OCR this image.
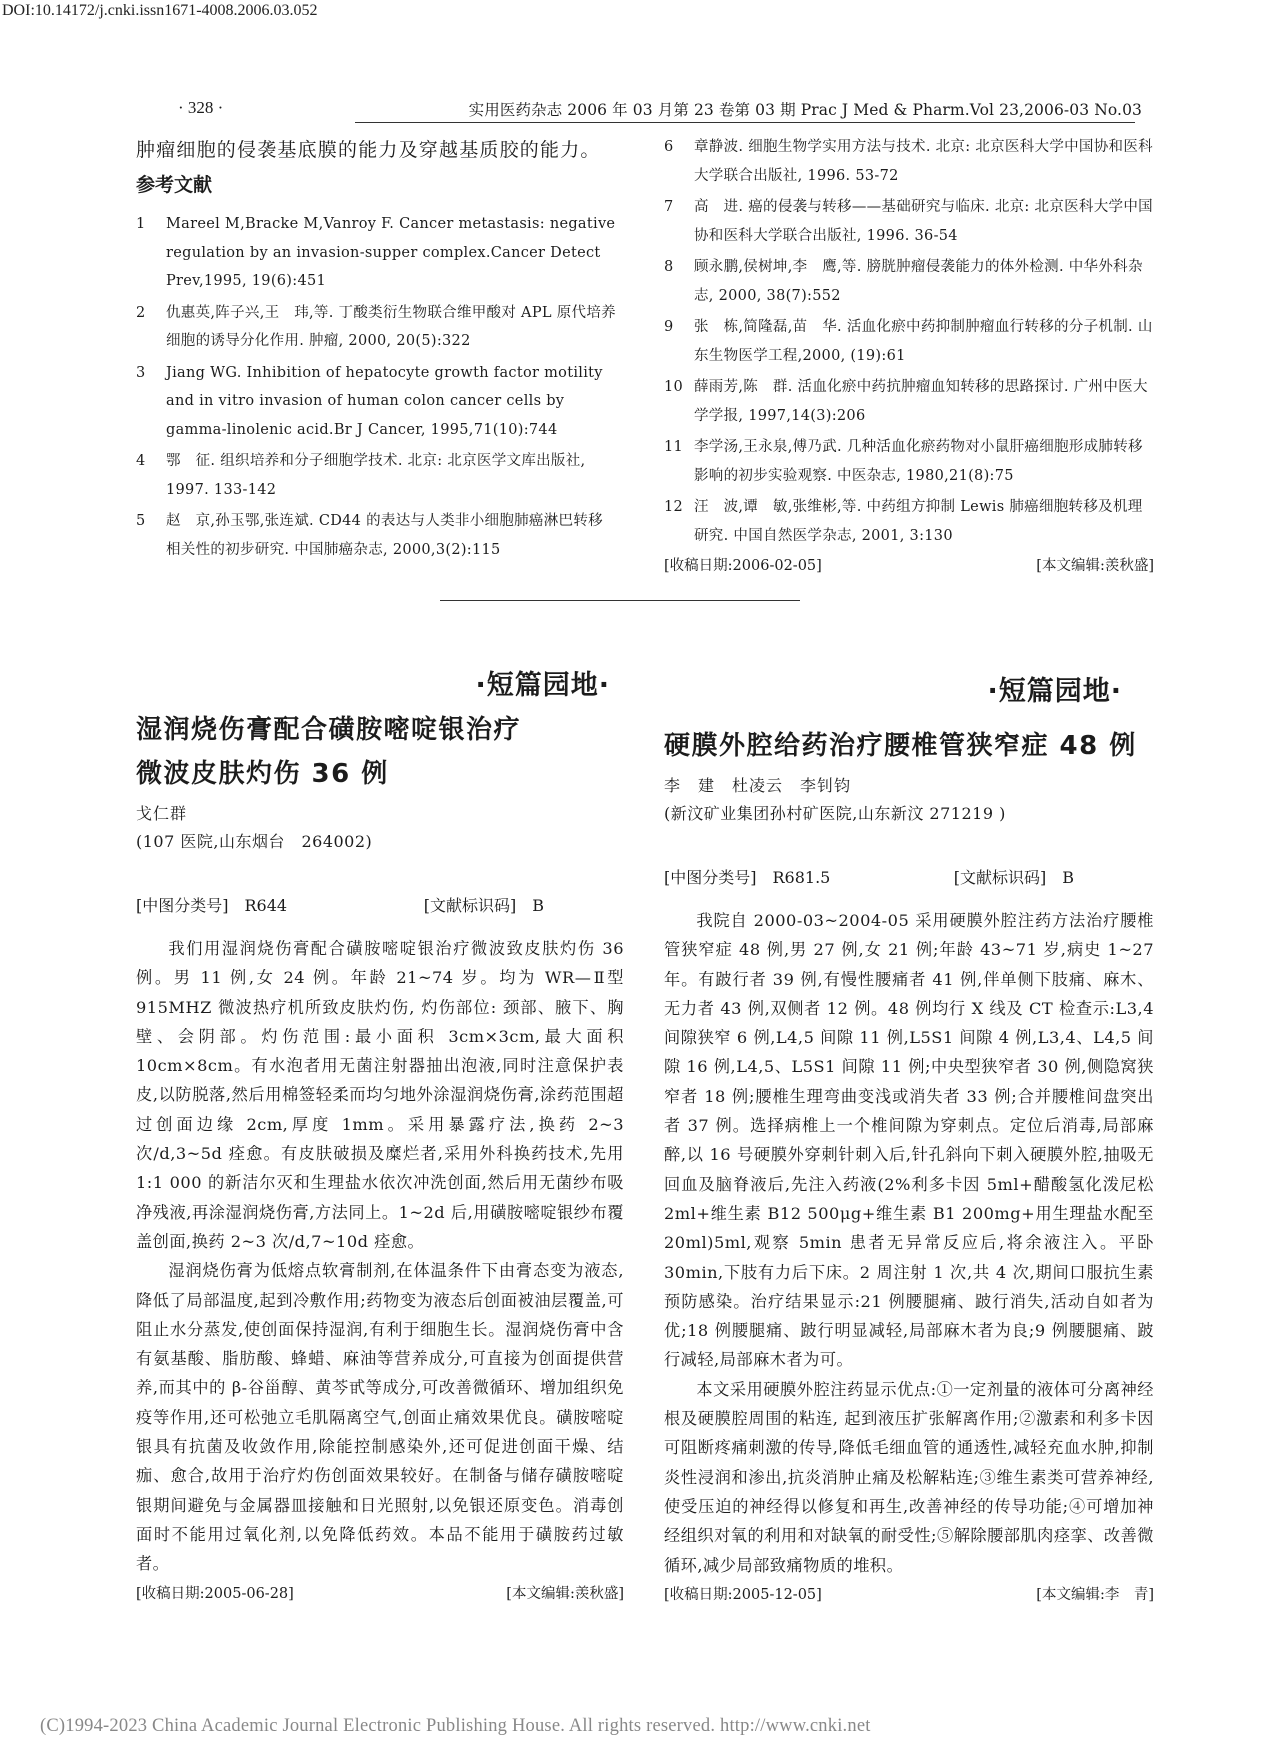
DOI:10.14172/j.cnki.issn1671-4008.2006.03.052
· 328 ·	实用医药杂志 2006 年 03 月第 23 卷第 03 期 Prac J Med & Pharm.Vol 23,2006-03 No.03

肿瘤细胞的侵袭基底膜的能力及穿越基质胶的能力。

参考文献
1 Mareel M,Bracke M,Vanroy F. Cancer metastasis: negative regulation by an invasion-supper complex.Cancer Detect Prev,1995, 19(6):451
2 仇惠英,阵子兴,王　玮,等. 丁酸类衍生物联合维甲酸对 APL 原代培养细胞的诱导分化作用. 肿瘤, 2000, 20(5):322
3 Jiang WG. Inhibition of hepatocyte growth factor motility and in vitro invasion of human colon cancer cells by gamma-linolenic acid.Br J Cancer, 1995,71(10):744
4 鄂　征. 组织培养和分子细胞学技术. 北京: 北京医学文库出版社, 1997. 133-142
5 赵　京,孙玉鄂,张连斌. CD44 的表达与人类非小细胞肺癌淋巴转移相关性的初步研究. 中国肺癌杂志, 2000,3(2):115
6 章静波. 细胞生物学实用方法与技术. 北京: 北京医科大学中国协和医科大学联合出版社, 1996. 53-72
7 高　进. 癌的侵袭与转移——基础研究与临床. 北京: 北京医科大学中国协和医科大学联合出版社, 1996. 36-54
8 顾永鹏,侯树坤,李　鹰,等. 膀胱肿瘤侵袭能力的体外检测. 中华外科杂志, 2000, 38(7):552
9 张　栋,简隆磊,苗　华. 活血化瘀中药抑制肿瘤血行转移的分子机制. 山东生物医学工程,2000, (19):61
10 薛雨芳,陈　群. 活血化瘀中药抗肿瘤血知转移的思路探讨. 广州中医大学学报, 1997,14(3):206
11 李学汤,王永泉,傅乃武. 几种活血化瘀药物对小鼠肝癌细胞形成肺转移影响的初步实验观察. 中医杂志, 1980,21(8):75
12 汪　波,谭　敏,张维彬,等. 中药组方抑制 Lewis 肺癌细胞转移及机理研究. 中国自然医学杂志, 2001, 3:130
[收稿日期:2006-02-05]	[本文编辑:羡秋盛]
·短篇园地·
湿润烧伤膏配合磺胺嘧啶银治疗微波皮肤灼伤 36 例
戈仁群
(107 医院,山东烟台　264002)
[中图分类号] R644	[文献标识码] B

我们用湿润烧伤膏配合磺胺嘧啶银治疗微波致皮肤灼伤 36 例。男 11 例,女 24 例。年龄 21~74 岁。均为 WR—Ⅱ型 915MHZ 微波热疗机所致皮肤灼伤, 灼伤部位: 颈部、腋下、胸壁、会阴部。灼伤范围:最小面积 3cm×3cm,最大面积10cm×8cm。有水泡者用无菌注射器抽出泡液,同时注意保护表皮,以防脱落,然后用棉签轻柔而均匀地外涂湿润烧伤膏,涂药范围超过创面边缘 2cm,厚度 1mm。采用暴露疗法,换药 2~3 次/d,3~5d 痊愈。有皮肤破损及糜烂者,采用外科换药技术,先用 1:1 000 的新洁尔灭和生理盐水依次冲洗创面,然后用无菌纱布吸净残液,再涂湿润烧伤膏,方法同上。1~2d 后,用磺胺嘧啶银纱布覆盖创面,换药 2~3 次/d,7~10d 痊愈。

湿润烧伤膏为低熔点软膏制剂,在体温条件下由膏态变为液态,降低了局部温度,起到冷敷作用;药物变为液态后创面被油层覆盖,可阻止水分蒸发,使创面保持湿润,有利于细胞生长。湿润烧伤膏中含有氨基酸、脂肪酸、蜂蜡、麻油等营养成分,可直接为创面提供营养,而其中的 β-谷甾醇、黄芩甙等成分,可改善微循环、增加组织免疫等作用,还可松弛立毛肌隔离空气,创面止痛效果优良。磺胺嘧啶银具有抗菌及收敛作用,除能控制感染外,还可促进创面干燥、结痂、愈合,故用于治疗灼伤创面效果较好。在制备与储存磺胺嘧啶银期间避免与金属器皿接触和日光照射,以免银还原变色。消毒创面时不能用过氧化剂,以免降低药效。本品不能用于磺胺药过敏者。

[收稿日期:2005-06-28]	[本文编辑:羡秋盛]
·短篇园地·
硬膜外腔给药治疗腰椎管狭窄症 48 例
李　建　杜凌云　李钊钧
(新汶矿业集团孙村矿医院,山东新汶 271219 )
[中图分类号] R681.5	[文献标识码] B

我院自 2000-03~2004-05 采用硬膜外腔注药方法治疗腰椎管狭窄症 48 例,男 27 例,女 21 例;年龄 43~71 岁,病史 1~27 年。有跛行者 39 例,有慢性腰痛者 41 例,伴单侧下肢痛、麻木、无力者 43 例,双侧者 12 例。48 例均行 X 线及 CT 检查示:L3,4 间隙狭窄 6 例,L4,5 间隙 11 例,L5S1 间隙 4 例,L3,4、L4,5 间隙 16 例,L4,5、L5S1 间隙 11 例;中央型狭窄者 30 例,侧隐窝狭窄者 18 例;腰椎生理弯曲变浅或消失者 33 例;合并腰椎间盘突出者 37 例。选择病椎上一个椎间隙为穿刺点。定位后消毒,局部麻醉,以 16 号硬膜外穿刺针刺入后,针孔斜向下刺入硬膜外腔,抽吸无回血及脑脊液后,先注入药液(2%利多卡因 5ml+醋酸氢化泼尼松 2ml+维生素 B12 500μg+维生素 B1 200mg+用生理盐水配至 20ml)5ml,观察 5min 患者无异常反应后,将余液注入。平卧 30min,下肢有力后下床。2 周注射 1 次,共 4 次,期间口服抗生素预防感染。治疗结果显示:21 例腰腿痛、跛行消失,活动自如者为优;18 例腰腿痛、跛行明显减轻,局部麻木者为良;9 例腰腿痛、跛行减轻,局部麻木者为可。

本文采用硬膜外腔注药显示优点:①一定剂量的液体可分离神经根及硬膜腔周围的粘连, 起到液压扩张解离作用;②激素和利多卡因可阻断疼痛刺激的传导,降低毛细血管的通透性,减轻充血水肿,抑制炎性浸润和渗出,抗炎消肿止痛及松解粘连;③维生素类可营养神经,使受压迫的神经得以修复和再生,改善神经的传导功能;④可增加神经组织对氧的利用和对缺氧的耐受性;⑤解除腰部肌肉痉挛、改善微循环,减少局部致痛物质的堆积。

[收稿日期:2005-12-05]	[本文编辑:李　青]
(C)1994-2023 China Academic Journal Electronic Publishing House. All rights reserved. http://www.cnki.net
